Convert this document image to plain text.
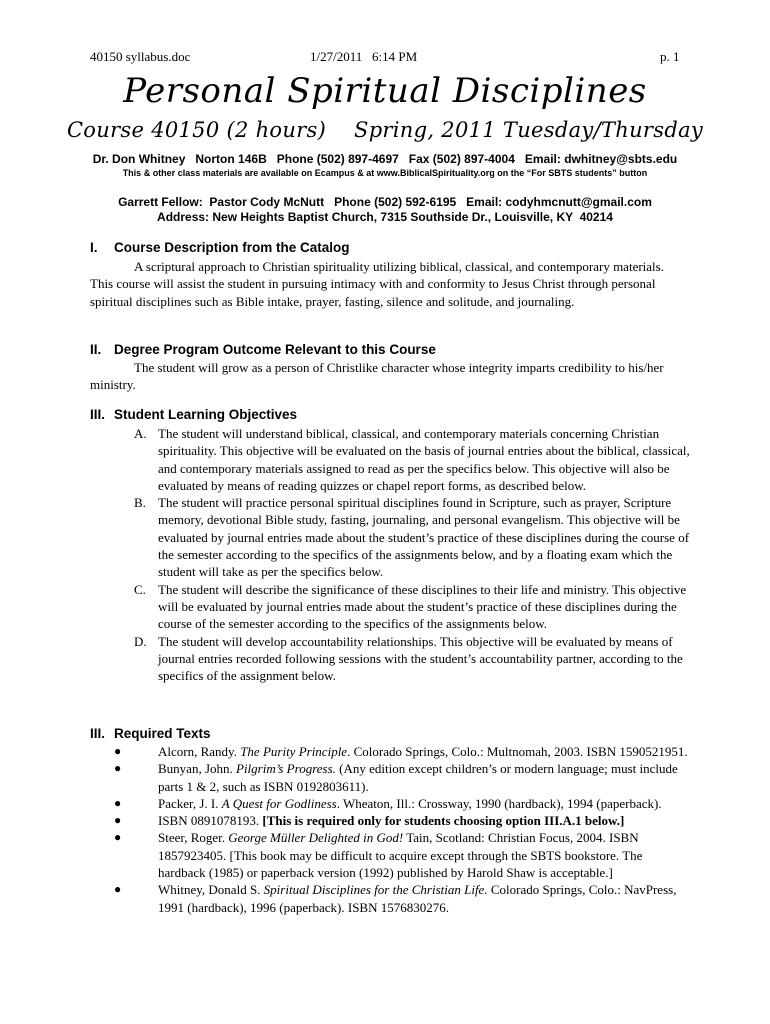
40150 syllabus.doc	1/27/2011   6:14 PM	p. 1
Personal Spiritual Disciplines
Course 40150 (2 hours)    Spring, 2011 Tuesday/Thursday
Dr. Don Whitney   Norton 146B   Phone (502) 897-4697   Fax (502) 897-4004   Email: dwhitney@sbts.edu
This & other class materials are available on Ecampus & at www.BiblicalSpirituality.org on the “For SBTS students” button
Garrett Fellow:  Pastor Cody McNutt   Phone (502) 592-6195   Email: codyhmcnutt@gmail.com
Address: New Heights Baptist Church, 7315 Southside Dr., Louisville, KY  40214
I. Course Description from the Catalog

A scriptural approach to Christian spirituality utilizing biblical, classical, and contemporary materials. This course will assist the student in pursuing intimacy with and conformity to Jesus Christ through personal spiritual disciplines such as Bible intake, prayer, fasting, silence and solitude, and journaling.

II. Degree Program Outcome Relevant to this Course

The student will grow as a person of Christlike character whose integrity imparts credibility to his/her ministry.

III. Student Learning Objectives
A. The student will understand biblical, classical, and contemporary materials concerning Christian spirituality. This objective will be evaluated on the basis of journal entries about the biblical, classical, and contemporary materials assigned to read as per the specifics below. This objective will also be evaluated by means of reading quizzes or chapel report forms, as described below.
B. The student will practice personal spiritual disciplines found in Scripture, such as prayer, Scripture memory, devotional Bible study, fasting, journaling, and personal evangelism. This objective will be evaluated by journal entries made about the student’s practice of these disciplines during the course of the semester according to the specifics of the assignments below, and by a floating exam which the student will take as per the specifics below.
C. The student will describe the significance of these disciplines to their life and ministry. This objective will be evaluated by journal entries made about the student’s practice of these disciplines during the course of the semester according to the specifics of the assignments below.
D. The student will develop accountability relationships. This objective will be evaluated by means of journal entries recorded following sessions with the student’s accountability partner, according to the specifics of the assignment below.
III. Required Texts
●	Alcorn, Randy. The Purity Principle. Colorado Springs, Colo.: Multnomah, 2003. ISBN 1590521951.
●	Bunyan, John. Pilgrim’s Progress. (Any edition except children’s or modern language; must include parts 1 & 2, such as ISBN 0192803611).
●	Packer, J. I. A Quest for Godliness. Wheaton, Ill.: Crossway, 1990 (hardback), 1994 (paperback).
●	ISBN 0891078193. [This is required only for students choosing option III.A.1 below.]
●	Steer, Roger. George Müller Delighted in God! Tain, Scotland: Christian Focus, 2004. ISBN 1857923405. [This book may be difficult to acquire except through the SBTS bookstore. The hardback (1985) or paperback version (1992) published by Harold Shaw is acceptable.]
●	Whitney, Donald S. Spiritual Disciplines for the Christian Life. Colorado Springs, Colo.: NavPress, 1991 (hardback), 1996 (paperback). ISBN 1576830276.
